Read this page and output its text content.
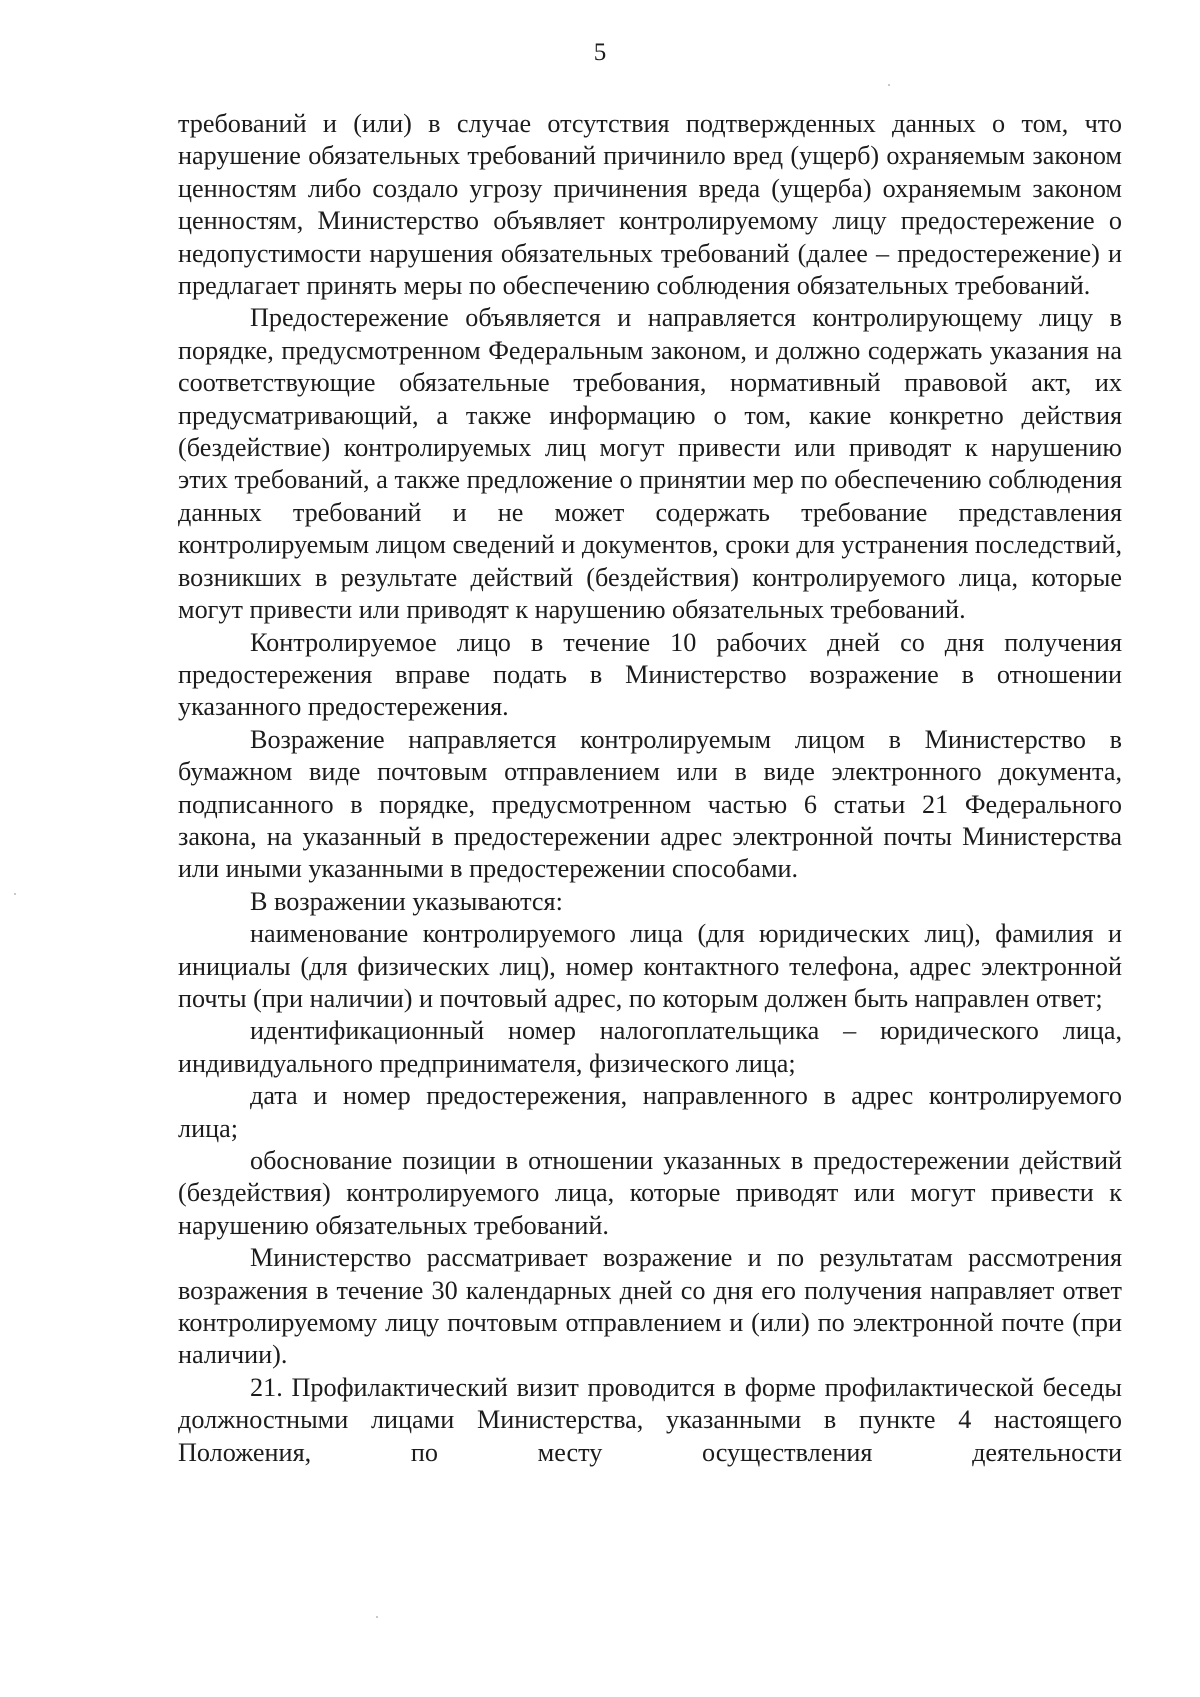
5

требований и (или) в случае отсутствия подтвержденных данных о том, что нарушение обязательных требований причинило вред (ущерб) охраняемым законом ценностям либо создало угрозу причинения вреда (ущерба) охраняемым законом ценностям, Министерство объявляет контролируемому лицу предостережение о недопустимости нарушения обязательных требований (далее – предостережение) и предлагает принять меры по обеспечению соблюдения обязательных требований.

Предостережение объявляется и направляется контролирующему лицу в порядке, предусмотренном Федеральным законом, и должно содержать указания на соответствующие обязательные требования, нормативный правовой акт, их предусматривающий, а также информацию о том, какие конкретно действия (бездействие) контролируемых лиц могут привести или приводят к нарушению этих требований, а также предложение о принятии мер по обеспечению соблюдения данных требований и не может содержать требование представления контролируемым лицом сведений и документов, сроки для устранения последствий, возникших в результате действий (бездействия) контролируемого лица, которые могут привести или приводят к нарушению обязательных требований.

Контролируемое лицо в течение 10 рабочих дней со дня получения предостережения вправе подать в Министерство возражение в отношении указанного предостережения.

Возражение направляется контролируемым лицом в Министерство в бумажном виде почтовым отправлением или в виде электронного документа, подписанного в порядке, предусмотренном частью 6 статьи 21 Федерального закона, на указанный в предостережении адрес электронной почты Министерства или иными указанными в предостережении способами.

В возражении указываются:

наименование контролируемого лица (для юридических лиц), фамилия и инициалы (для физических лиц), номер контактного телефона, адрес электронной почты (при наличии) и почтовый адрес, по которым должен быть направлен ответ;

идентификационный номер налогоплательщика – юридического лица, индивидуального предпринимателя, физического лица;

дата и номер предостережения, направленного в адрес контролируемого лица;

обоснование позиции в отношении указанных в предостережении действий (бездействия) контролируемого лица, которые приводят или могут привести к нарушению обязательных требований.

Министерство рассматривает возражение и по результатам рассмотрения возражения в течение 30 календарных дней со дня его получения направляет ответ контролируемому лицу почтовым отправлением и (или) по электронной почте (при наличии).

21. Профилактический визит проводится в форме профилактической беседы должностными лицами Министерства, указанными в пункте 4 настоящего Положения, по месту осуществления деятельности
